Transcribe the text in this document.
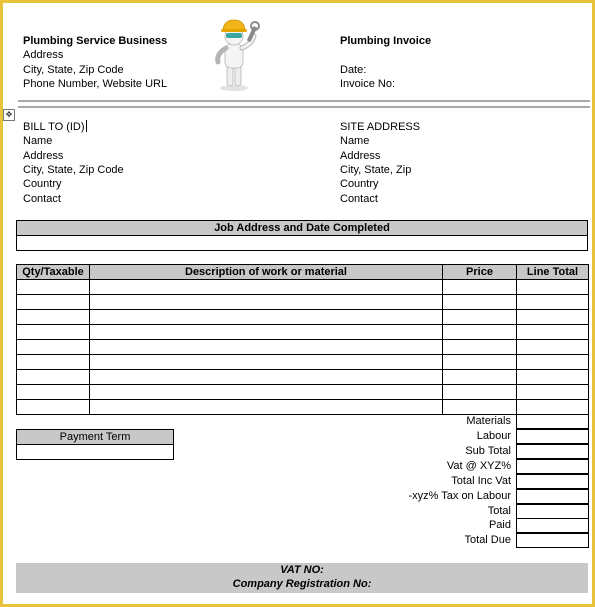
Plumbing Service Business
Address
City, State, Zip Code
Phone Number, Website URL
Plumbing Invoice
Date:
Invoice No:
✥
BILL TO (ID)
Name
Address
City, State, Zip Code
Country
Contact
SITE ADDRESS
Name
Address
City, State, Zip
Country
Contact
Job Address and Date Completed

Qty/Taxable	Description of work or material	Price	Line Total

Payment Term

Materials
Labour
Sub Total
Vat @ XYZ%
Total Inc Vat
-xyz% Tax on Labour
Total
Paid
Total Due
VAT NO:
Company Registration No:
